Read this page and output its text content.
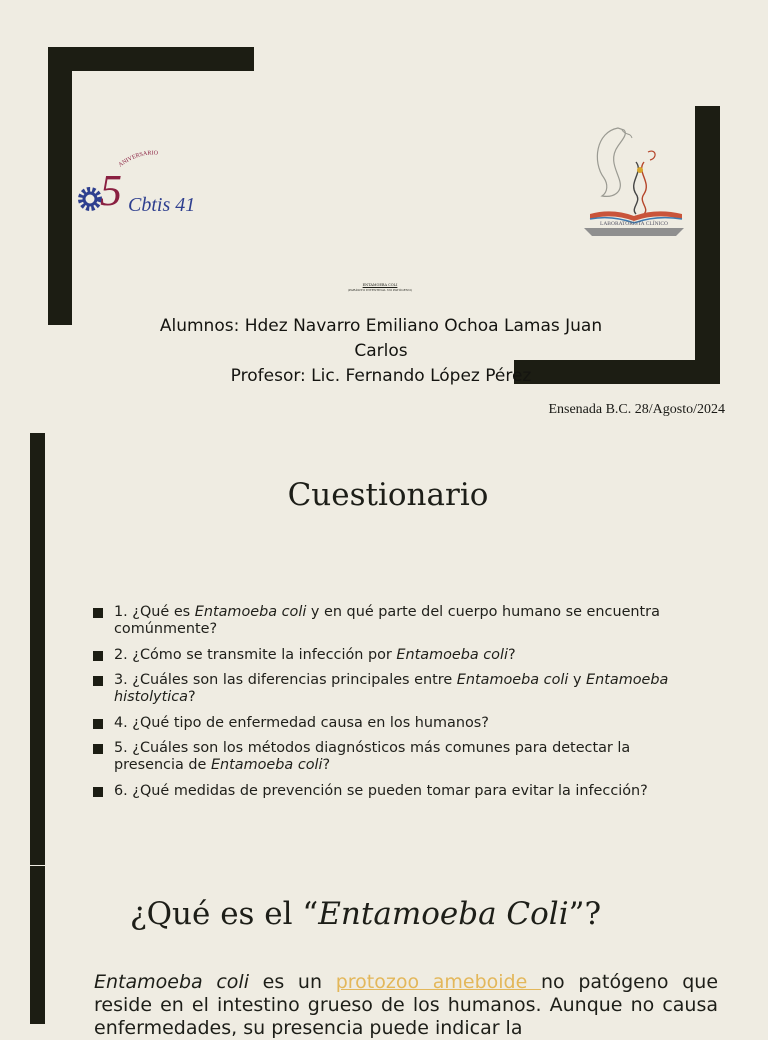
ANIVERSARIO
5 Cbtis 41
LABORATORISTA CLÍNICO
ENTAMOEBA COLI
(PARÁSITO INTESTINAL NO PATÓGENO)
Alumnos: Hdez Navarro Emiliano Ochoa Lamas Juan
Carlos
Profesor: Lic. Fernando López Pérez
Ensenada B.C. 28/Agosto/2024
Cuestionario
1. ¿Qué es Entamoeba coli y en qué parte del cuerpo humano se encuentra comúnmente?
2. ¿Cómo se transmite la infección por Entamoeba coli?
3. ¿Cuáles son las diferencias principales entre Entamoeba coli y Entamoeba histolytica?
4. ¿Qué tipo de enfermedad causa en los humanos?
5. ¿Cuáles son los métodos diagnósticos más comunes para detectar la presencia de Entamoeba coli?
6. ¿Qué medidas de prevención se pueden tomar para evitar la infección?
¿Qué es el “Entamoeba Coli”?

Entamoeba coli es un protozoo ameboide no patógeno que reside en el intestino grueso de los humanos. Aunque no causa enfermedades, su presencia puede indicar la
